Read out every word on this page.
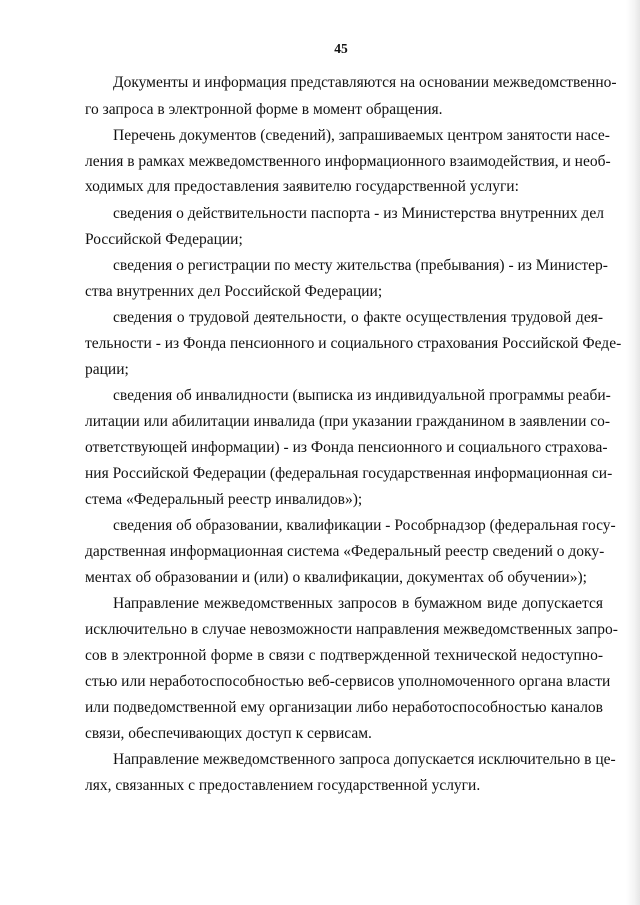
45
Документы и информация представляются на основании межведомственно-
го запроса в электронной форме в момент обращения.
Перечень документов (сведений), запрашиваемых центром занятости насе-
ления в рамках межведомственного информационного взаимодействия, и необ-
ходимых для предоставления заявителю государственной услуги:
сведения о действительности паспорта - из Министерства внутренних дел
Российской Федерации;
сведения о регистрации по месту жительства (пребывания) - из Министер-
ства внутренних дел Российской Федерации;
сведения о трудовой деятельности, о факте осуществления трудовой дея-
тельности - из Фонда пенсионного и социального страхования Российской Феде-
рации;
сведения об инвалидности (выписка из индивидуальной программы реаби-
литации или абилитации инвалида (при указании гражданином в заявлении со-
ответствующей информации) - из Фонда пенсионного и социального страхова-
ния Российской Федерации (федеральная государственная информационная си-
стема «Федеральный реестр инвалидов»);
сведения об образовании, квалификации - Рособрнадзор (федеральная госу-
дарственная информационная система «Федеральный реестр сведений о доку-
ментах об образовании и (или) о квалификации, документах об обучении»);
Направление межведомственных запросов в бумажном виде допускается
исключительно в случае невозможности направления межведомственных запро-
сов в электронной форме в связи с подтвержденной технической недоступно-
стью или неработоспособностью веб-сервисов уполномоченного органа власти
или подведомственной ему организации либо неработоспособностью каналов
связи, обеспечивающих доступ к сервисам.
Направление межведомственного запроса допускается исключительно в це-
лях, связанных с предоставлением государственной услуги.
